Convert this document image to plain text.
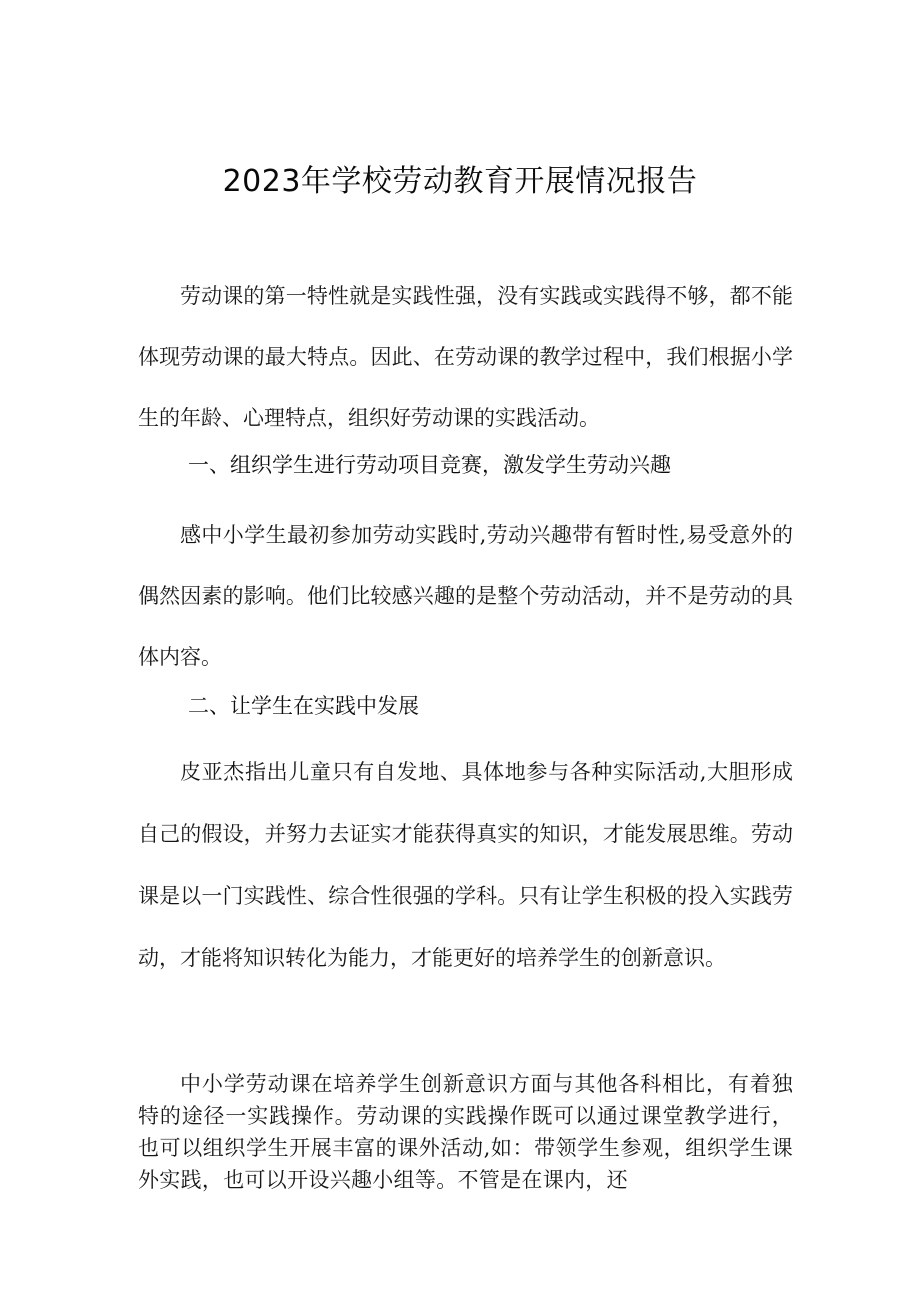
2023年学校劳动教育开展情况报告

劳动课的第一特性就是实践性强，没有实践或实践得不够，都不能体现劳动课的最大特点。因此、在劳动课的教学过程中，我们根据小学生的年龄、心理特点，组织好劳动课的实践活动。

一、组织学生进行劳动项目竞赛，激发学生劳动兴趣

感中小学生最初参加劳动实践时,劳动兴趣带有暂时性,易受意外的偶然因素的影响。他们比较感兴趣的是整个劳动活动，并不是劳动的具体内容。

二、让学生在实践中发展

皮亚杰指出儿童只有自发地、具体地参与各种实际活动,大胆形成自己的假设，并努力去证实才能获得真实的知识，才能发展思维。劳动课是以一门实践性、综合性很强的学科。只有让学生积极的投入实践劳动，才能将知识转化为能力，才能更好的培养学生的创新意识。

中小学劳动课在培养学生创新意识方面与其他各科相比，有着独特的途径一实践操作。劳动课的实践操作既可以通过课堂教学进行，也可以组织学生开展丰富的课外活动,如：带领学生参观，组织学生课外实践，也可以开设兴趣小组等。不管是在课内，还
